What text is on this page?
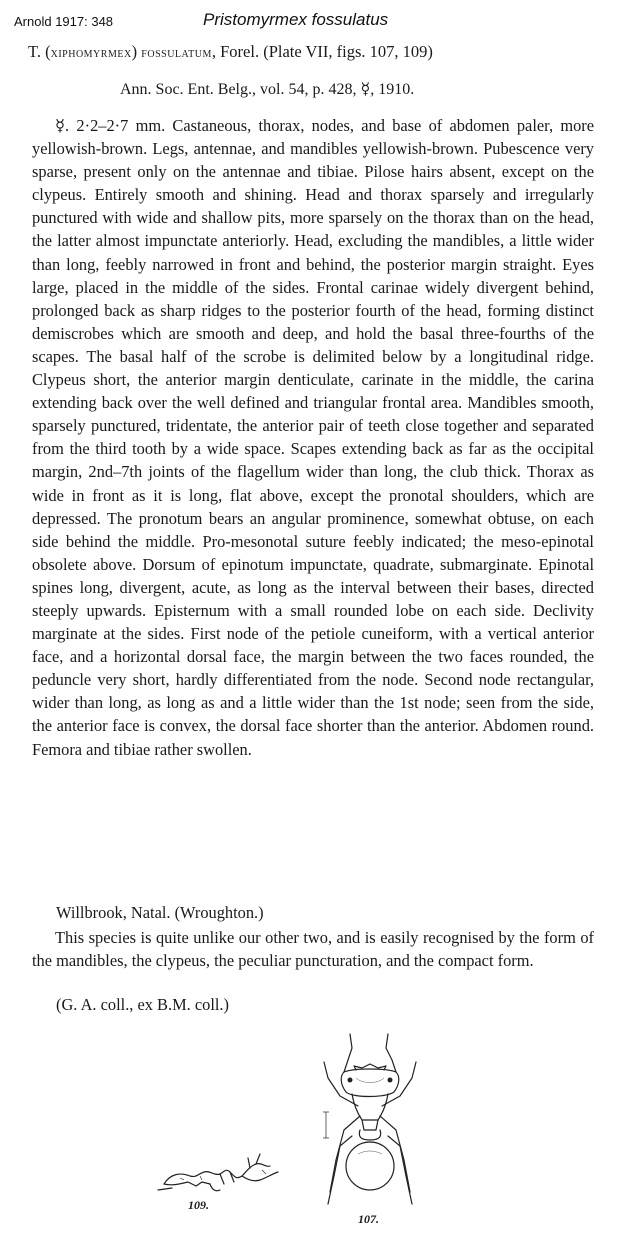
Arnold 1917: 348	Pristomyrmex fossulatus
T. (xiphomyrmex) fossulatum, Forel. (Plate VII, figs. 107, 109)
Ann. Soc. Ent. Belg., vol. 54, p. 428, ☿, 1910.

☿. 2·2–2·7 mm. Castaneous, thorax, nodes, and base of abdomen paler, more yellowish-brown. Legs, antennae, and mandibles yellowish-brown. Pubescence very sparse, present only on the antennae and tibiae. Pilose hairs absent, except on the clypeus. Entirely smooth and shining. Head and thorax sparsely and irregularly punctured with wide and shallow pits, more sparsely on the thorax than on the head, the latter almost impunctate anteriorly. Head, excluding the mandibles, a little wider than long, feebly narrowed in front and behind, the posterior margin straight. Eyes large, placed in the middle of the sides. Frontal carinae widely divergent behind, prolonged back as sharp ridges to the posterior fourth of the head, forming distinct demiscrobes which are smooth and deep, and hold the basal three-fourths of the scapes. The basal half of the scrobe is delimited below by a longitudinal ridge. Clypeus short, the anterior margin denticulate, carinate in the middle, the carina extending back over the well defined and triangular frontal area. Mandibles smooth, sparsely punctured, tridentate, the anterior pair of teeth close together and separated from the third tooth by a wide space. Scapes extending back as far as the occipital margin, 2nd–7th joints of the flagellum wider than long, the club thick. Thorax as wide in front as it is long, flat above, except the pronotal shoulders, which are depressed. The pronotum bears an angular prominence, somewhat obtuse, on each side behind the middle. Pro-mesonotal suture feebly indicated; the meso-epinotal obsolete above. Dorsum of epinotum impunctate, quadrate, submarginate. Epinotal spines long, divergent, acute, as long as the interval between their bases, directed steeply upwards. Episternum with a small rounded lobe on each side. Declivity marginate at the sides. First node of the petiole cuneiform, with a vertical anterior face, and a horizontal dorsal face, the margin between the two faces rounded, the peduncle very short, hardly differentiated from the node. Second node rectangular, wider than long, as long as and a little wider than the 1st node; seen from the side, the anterior face is convex, the dorsal face shorter than the anterior. Abdomen round. Femora and tibiae rather swollen.

Willbrook, Natal. (Wroughton.)

This species is quite unlike our other two, and is easily recognised by the form of the mandibles, the clypeus, the peculiar puncturation, and the compact form.

(G. A. coll., ex B.M. coll.)
109.
107.
